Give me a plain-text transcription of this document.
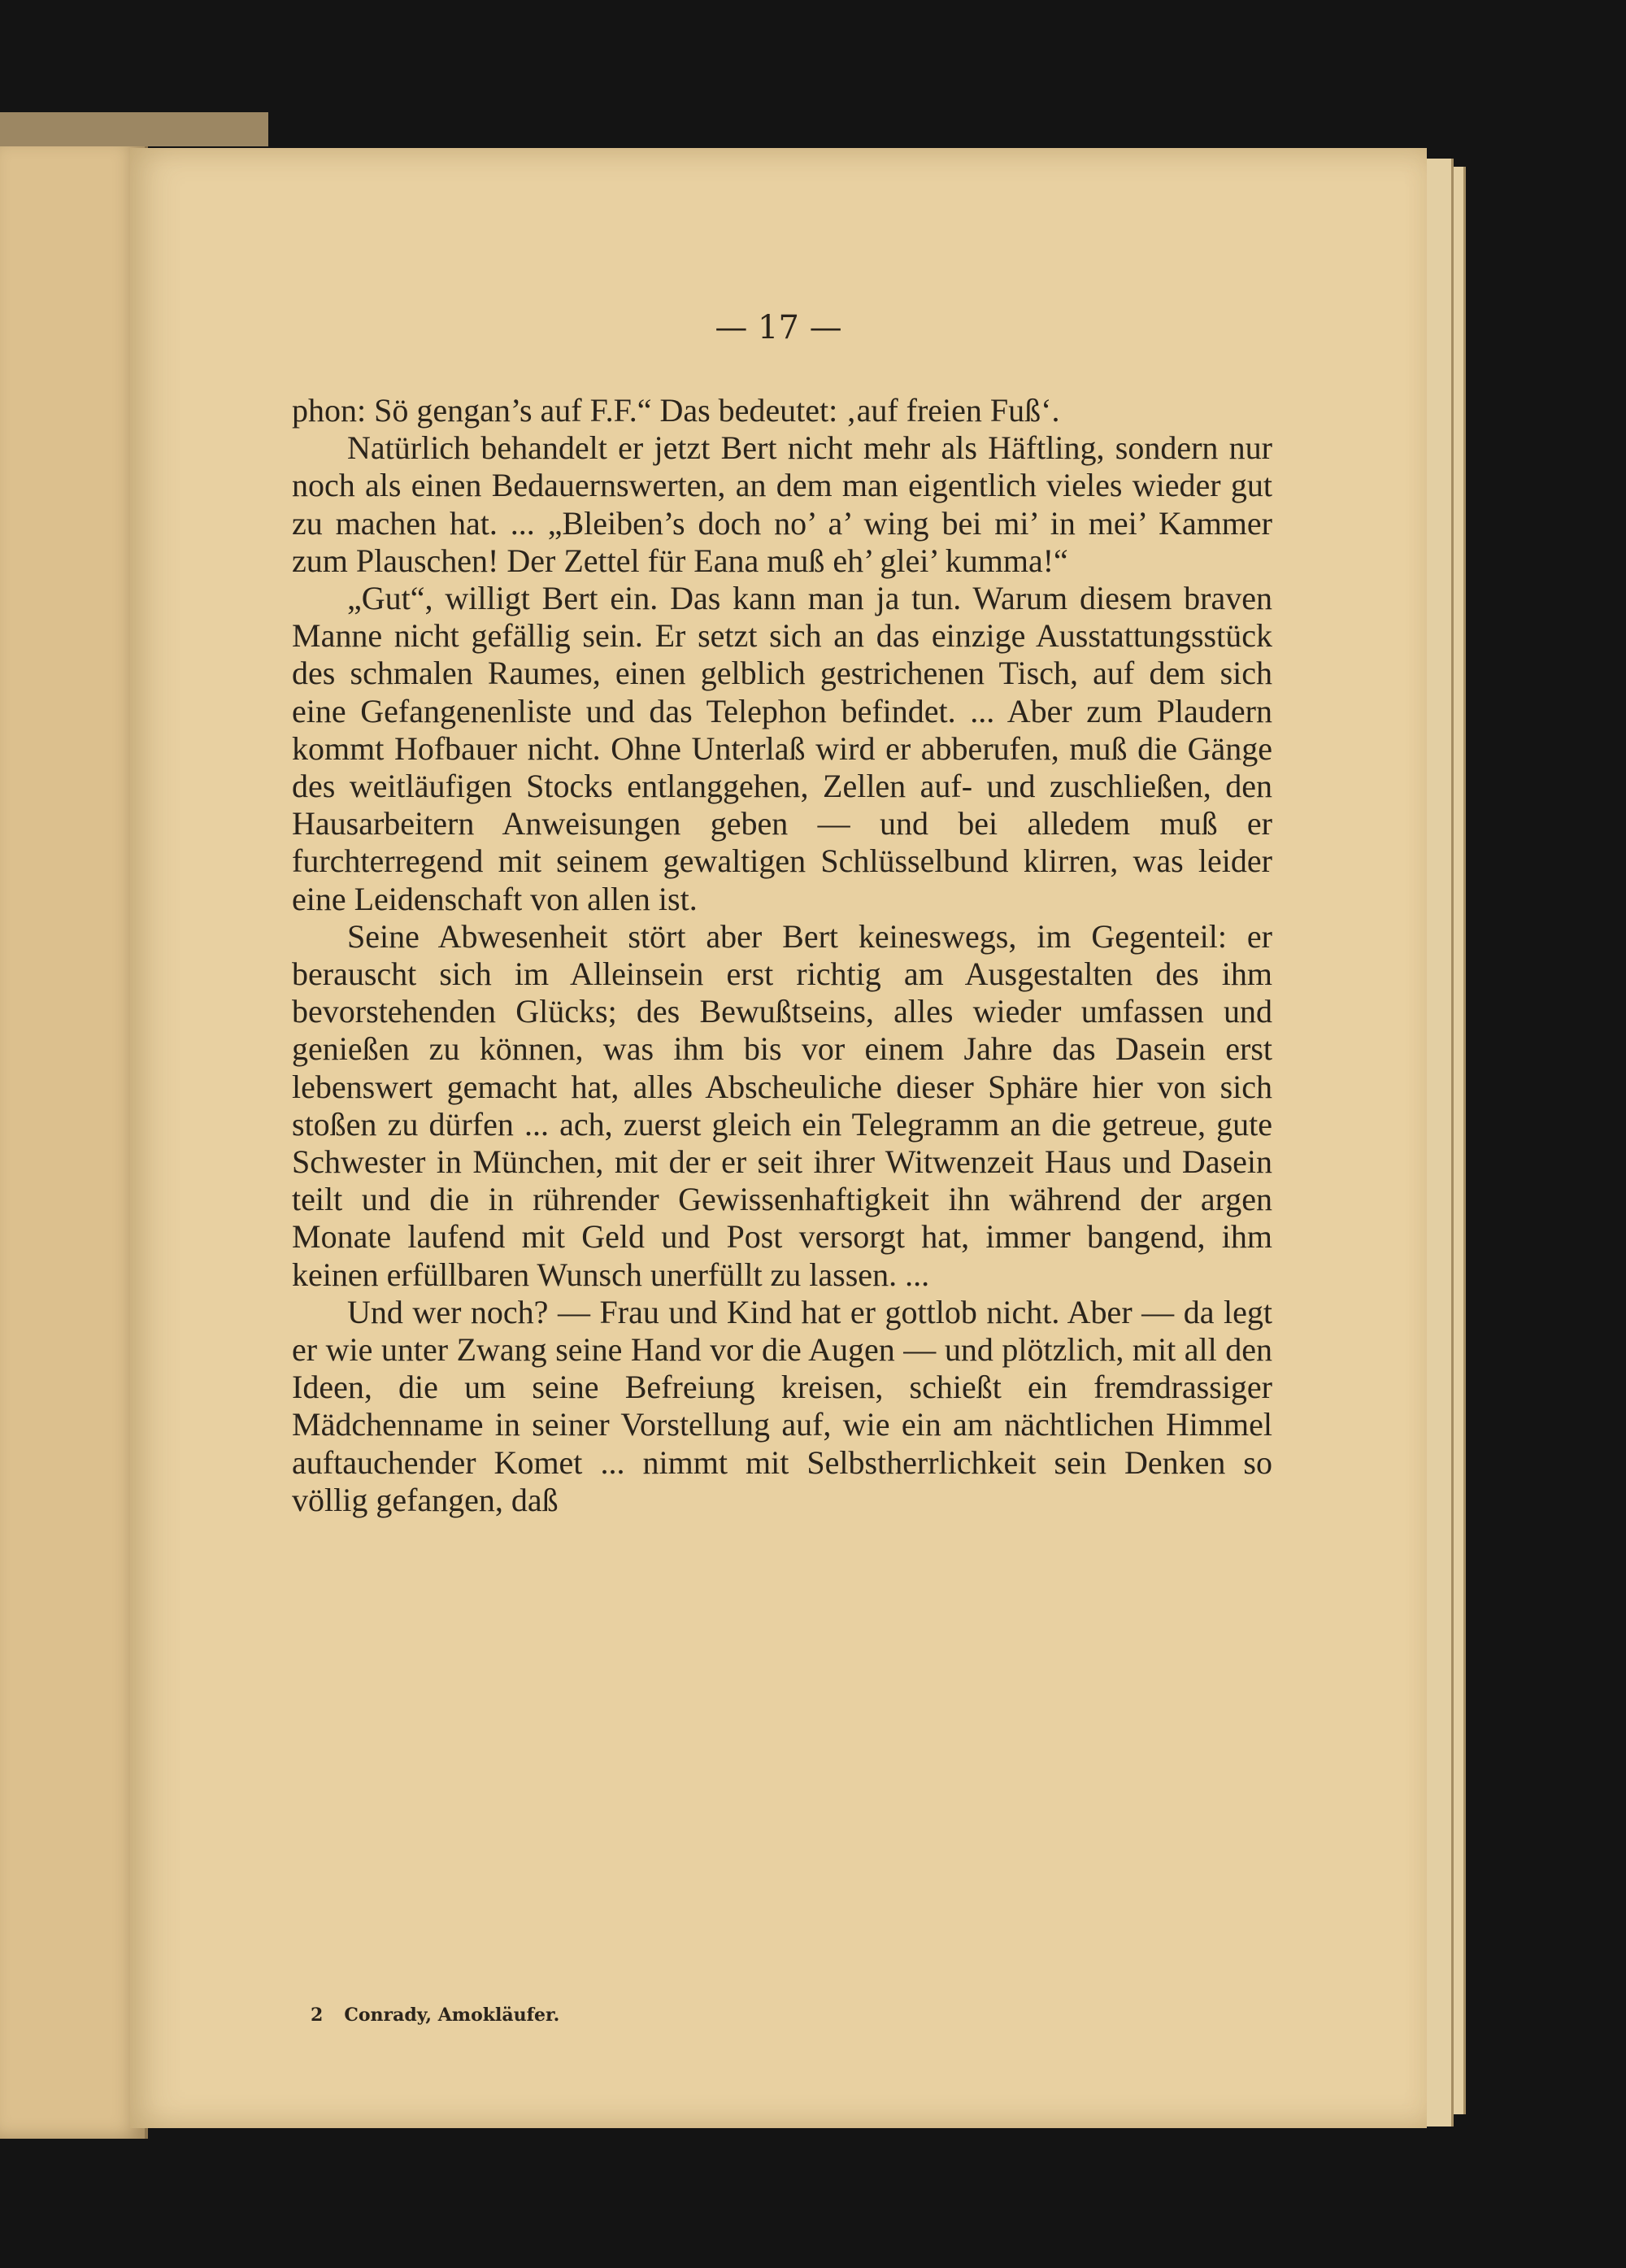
— 17 —

phon: Sö gengan’s auf F.F.“ Das bedeutet: ‚auf freien Fuß‘.

Natürlich behandelt er jetzt Bert nicht mehr als Häftling, sondern nur noch als einen Bedauernswerten, an dem man eigentlich vieles wieder gut zu machen hat. ... „Bleiben’s doch no’ a’ wing bei mi’ in mei’ Kammer zum Plauschen! Der Zettel für Eana muß eh’ glei’ kumma!“

„Gut“, willigt Bert ein. Das kann man ja tun. Warum diesem braven Manne nicht gefällig sein. Er setzt sich an das einzige Ausstattungsstück des schmalen Raumes, einen gelblich gestrichenen Tisch, auf dem sich eine Gefangenenliste und das Telephon befindet. ... Aber zum Plaudern kommt Hofbauer nicht. Ohne Unterlaß wird er abberufen, muß die Gänge des weitläufigen Stocks entlanggehen, Zellen auf- und zuschließen, den Hausarbeitern Anweisungen geben — und bei alledem muß er furchterregend mit seinem gewaltigen Schlüsselbund klirren, was leider eine Leidenschaft von allen ist.

Seine Abwesenheit stört aber Bert keineswegs, im Gegenteil: er berauscht sich im Alleinsein erst richtig am Ausgestalten des ihm bevorstehenden Glücks; des Bewußtseins, alles wieder umfassen und genießen zu können, was ihm bis vor einem Jahre das Dasein erst lebenswert gemacht hat, alles Abscheuliche dieser Sphäre hier von sich stoßen zu dürfen ... ach, zuerst gleich ein Telegramm an die getreue, gute Schwester in München, mit der er seit ihrer Witwenzeit Haus und Dasein teilt und die in rührender Gewissenhaftigkeit ihn während der argen Monate laufend mit Geld und Post versorgt hat, immer bangend, ihm keinen erfüllbaren Wunsch unerfüllt zu lassen. ...

Und wer noch? — Frau und Kind hat er gottlob nicht. Aber — da legt er wie unter Zwang seine Hand vor die Augen — und plötzlich, mit all den Ideen, die um seine Befreiung kreisen, schießt ein fremdrassiger Mädchenname in seiner Vorstellung auf, wie ein am nächtlichen Himmel auftauchender Komet ... nimmt mit Selbstherrlichkeit sein Denken so völlig gefangen, daß

2 Conrady, Amokläufer.
